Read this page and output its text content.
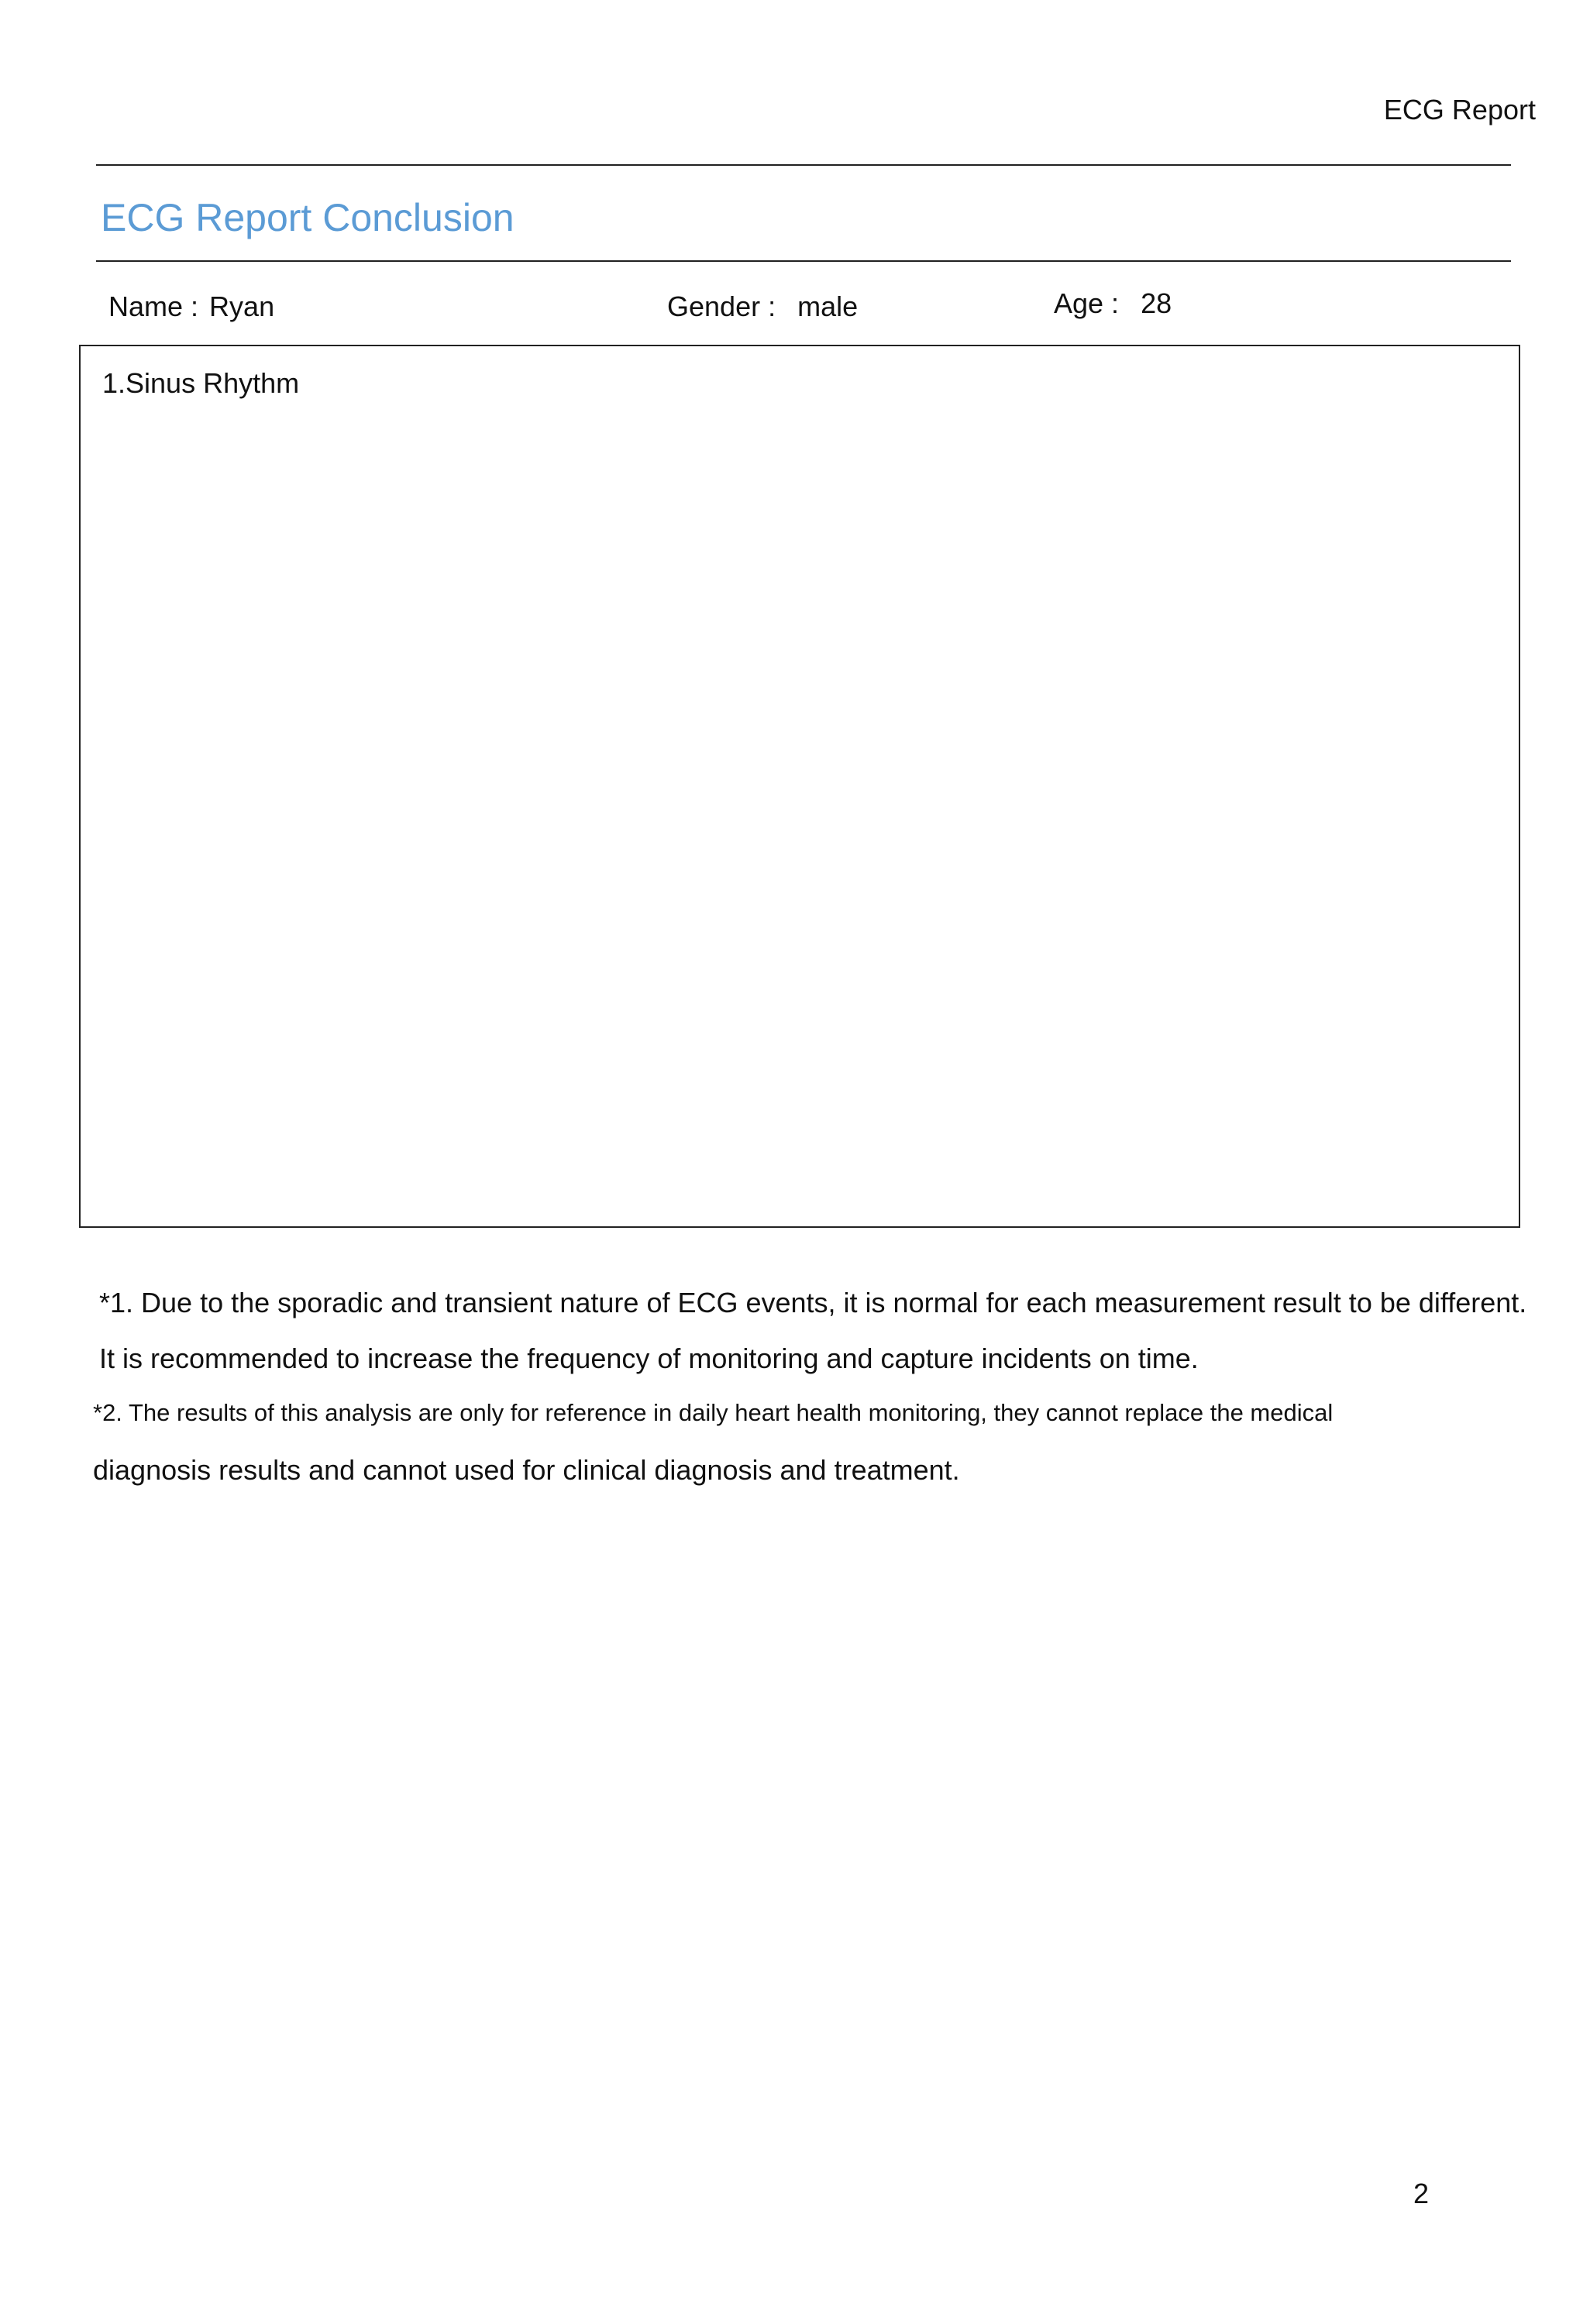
ECG Report
ECG Report Conclusion
Name : Ryan	Gender : male	Age : 28
1.Sinus Rhythm
*1. Due to the sporadic and transient nature of ECG events, it is normal for each measurement result to be different.
It is recommended to increase the frequency of monitoring and capture incidents on time.
*2. The results of this analysis are only for reference in daily heart health monitoring, they cannot replace the medical
diagnosis results and cannot used for clinical diagnosis and treatment.
2
